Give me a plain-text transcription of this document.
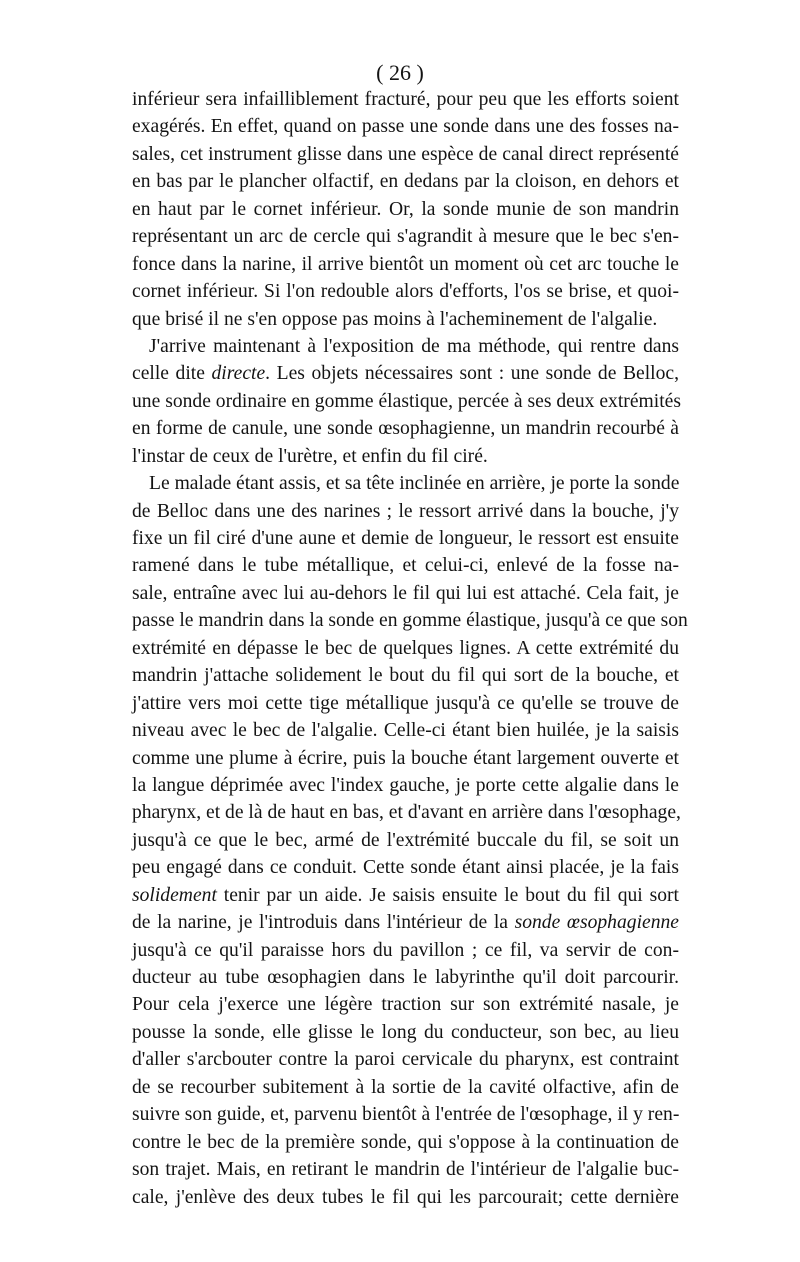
( 26 )
inférieur sera infailliblement fracturé, pour peu que les efforts soient
exagérés. En effet, quand on passe une sonde dans une des fosses na-
sales, cet instrument glisse dans une espèce de canal direct représenté
en bas par le plancher olfactif, en dedans par la cloison, en dehors et
en haut par le cornet inférieur. Or, la sonde munie de son mandrin
représentant un arc de cercle qui s'agrandit à mesure que le bec s'en-
fonce dans la narine, il arrive bientôt un moment où cet arc touche le
cornet inférieur. Si l'on redouble alors d'efforts, l'os se brise, et quoi-
que brisé il ne s'en oppose pas moins à l'acheminement de l'algalie.
J'arrive maintenant à l'exposition de ma méthode, qui rentre dans
celle dite directe. Les objets nécessaires sont : une sonde de Belloc,
une sonde ordinaire en gomme élastique, percée à ses deux extrémités
en forme de canule, une sonde œsophagienne, un mandrin recourbé à
l'instar de ceux de l'urètre, et enfin du fil ciré.
Le malade étant assis, et sa tête inclinée en arrière, je porte la sonde
de Belloc dans une des narines ; le ressort arrivé dans la bouche, j'y
fixe un fil ciré d'une aune et demie de longueur, le ressort est ensuite
ramené dans le tube métallique, et celui-ci, enlevé de la fosse na-
sale, entraîne avec lui au-dehors le fil qui lui est attaché. Cela fait, je
passe le mandrin dans la sonde en gomme élastique, jusqu'à ce que son
extrémité en dépasse le bec de quelques lignes. A cette extrémité du
mandrin j'attache solidement le bout du fil qui sort de la bouche, et
j'attire vers moi cette tige métallique jusqu'à ce qu'elle se trouve de
niveau avec le bec de l'algalie. Celle-ci étant bien huilée, je la saisis
comme une plume à écrire, puis la bouche étant largement ouverte et
la langue déprimée avec l'index gauche, je porte cette algalie dans le
pharynx, et de là de haut en bas, et d'avant en arrière dans l'œsophage,
jusqu'à ce que le bec, armé de l'extrémité buccale du fil, se soit un
peu engagé dans ce conduit. Cette sonde étant ainsi placée, je la fais
solidement tenir par un aide. Je saisis ensuite le bout du fil qui sort
de la narine, je l'introduis dans l'intérieur de la sonde œsophagienne
jusqu'à ce qu'il paraisse hors du pavillon ; ce fil, va servir de con-
ducteur au tube œsophagien dans le labyrinthe qu'il doit parcourir.
Pour cela j'exerce une légère traction sur son extrémité nasale, je
pousse la sonde, elle glisse le long du conducteur, son bec, au lieu
d'aller s'arcbouter contre la paroi cervicale du pharynx, est contraint
de se recourber subitement à la sortie de la cavité olfactive, afin de
suivre son guide, et, parvenu bientôt à l'entrée de l'œsophage, il y ren-
contre le bec de la première sonde, qui s'oppose à la continuation de
son trajet. Mais, en retirant le mandrin de l'intérieur de l'algalie buc-
cale, j'enlève des deux tubes le fil qui les parcourait; cette dernière
